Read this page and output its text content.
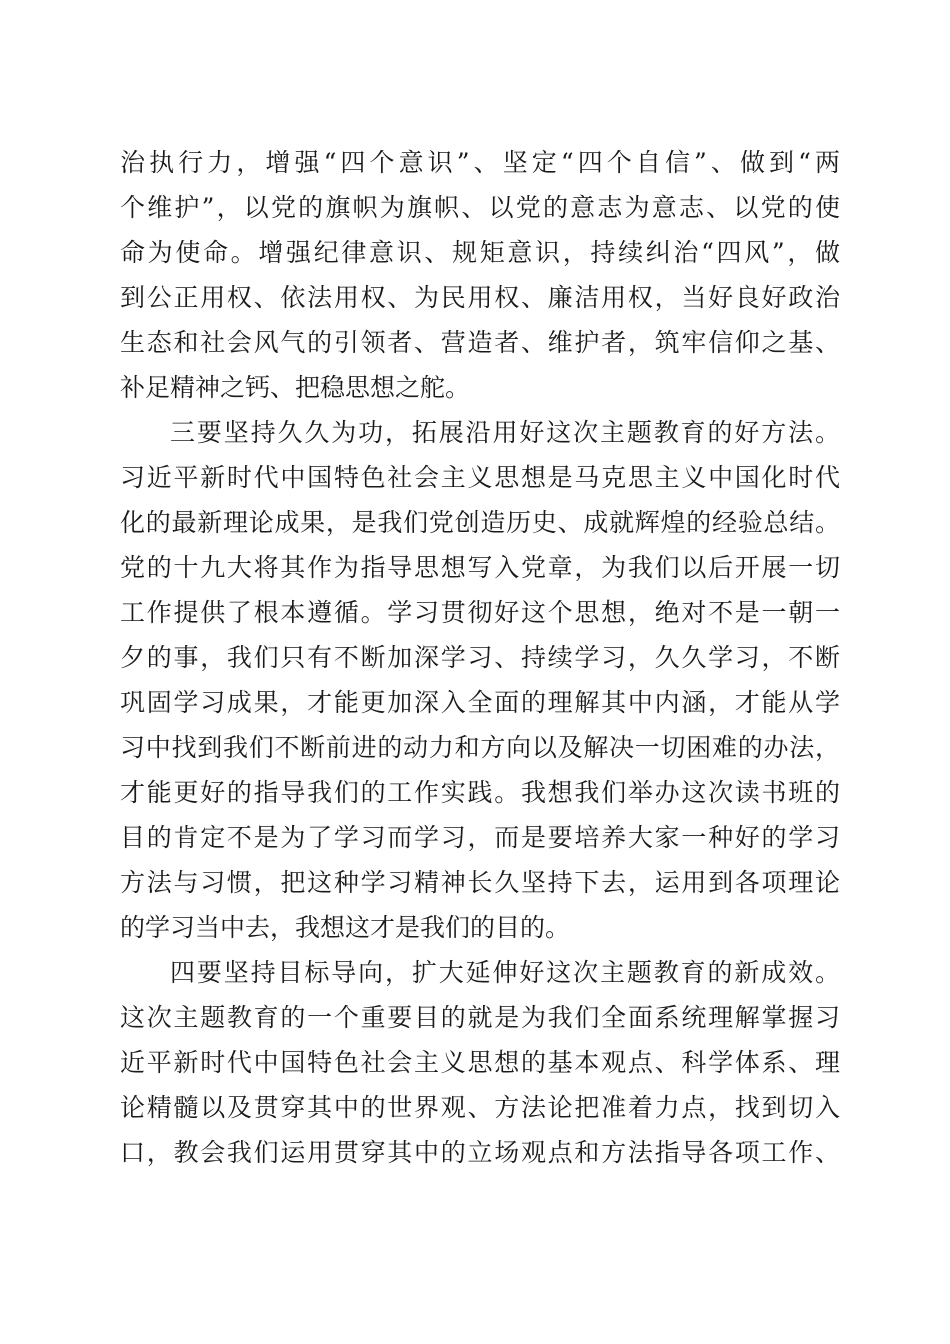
治执行力，增强“四个意识”、坚定“四个自信”、做到“两
个维护”，以党的旗帜为旗帜、以党的意志为意志、以党的使
命为使命。增强纪律意识、规矩意识，持续纠治“四风”，做
到公正用权、依法用权、为民用权、廉洁用权，当好良好政治
生态和社会风气的引领者、营造者、维护者，筑牢信仰之基、
补足精神之钙、把稳思想之舵。
三要坚持久久为功，拓展沿用好这次主题教育的好方法。
习近平新时代中国特色社会主义思想是马克思主义中国化时代
化的最新理论成果，是我们党创造历史、成就辉煌的经验总结。
党的十九大将其作为指导思想写入党章，为我们以后开展一切
工作提供了根本遵循。学习贯彻好这个思想，绝对不是一朝一
夕的事，我们只有不断加深学习、持续学习，久久学习，不断
巩固学习成果，才能更加深入全面的理解其中内涵，才能从学
习中找到我们不断前进的动力和方向以及解决一切困难的办法，
才能更好的指导我们的工作实践。我想我们举办这次读书班的
目的肯定不是为了学习而学习，而是要培养大家一种好的学习
方法与习惯，把这种学习精神长久坚持下去，运用到各项理论
的学习当中去，我想这才是我们的目的。
四要坚持目标导向，扩大延伸好这次主题教育的新成效。
这次主题教育的一个重要目的就是为我们全面系统理解掌握习
近平新时代中国特色社会主义思想的基本观点、科学体系、理
论精髓以及贯穿其中的世界观、方法论把准着力点，找到切入
口，教会我们运用贯穿其中的立场观点和方法指导各项工作、
